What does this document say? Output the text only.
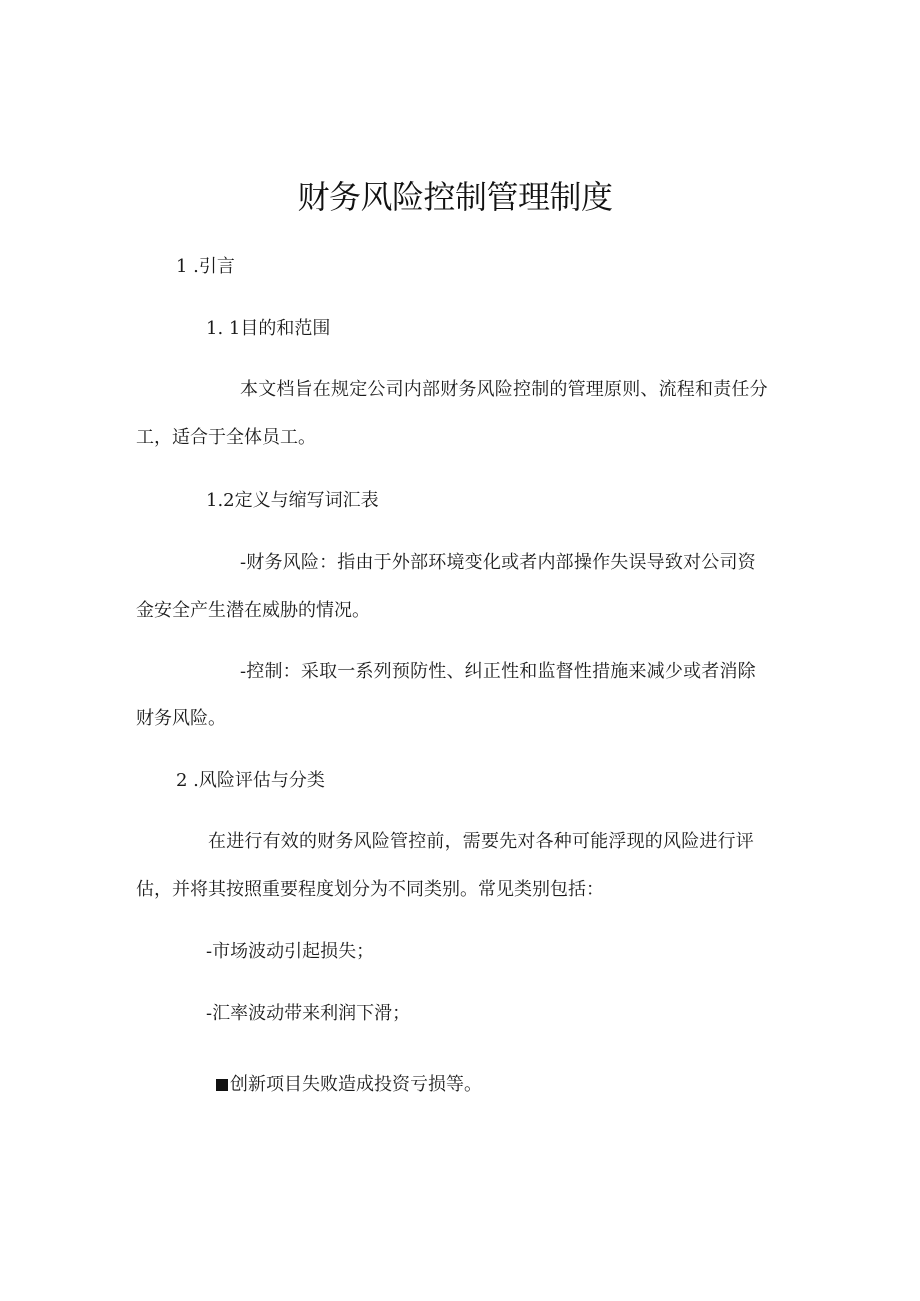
财务风险控制管理制度
1 .引言
1. 1目的和范围
本文档旨在规定公司内部财务风险控制的管理原则、流程和责任分
工，适合于全体员工。
1.2定义与缩写词汇表
-财务风险：指由于外部环境变化或者内部操作失误导致对公司资
金安全产生潜在威胁的情况。
-控制：采取一系列预防性、纠正性和监督性措施来减少或者消除
财务风险。
2 .风险评估与分类
在进行有效的财务风险管控前，需要先对各种可能浮现的风险进行评
估，并将其按照重要程度划分为不同类别。常见类别包括：
-市场波动引起损失；
-汇率波动带来利润下滑；
创新项目失败造成投资亏损等。
